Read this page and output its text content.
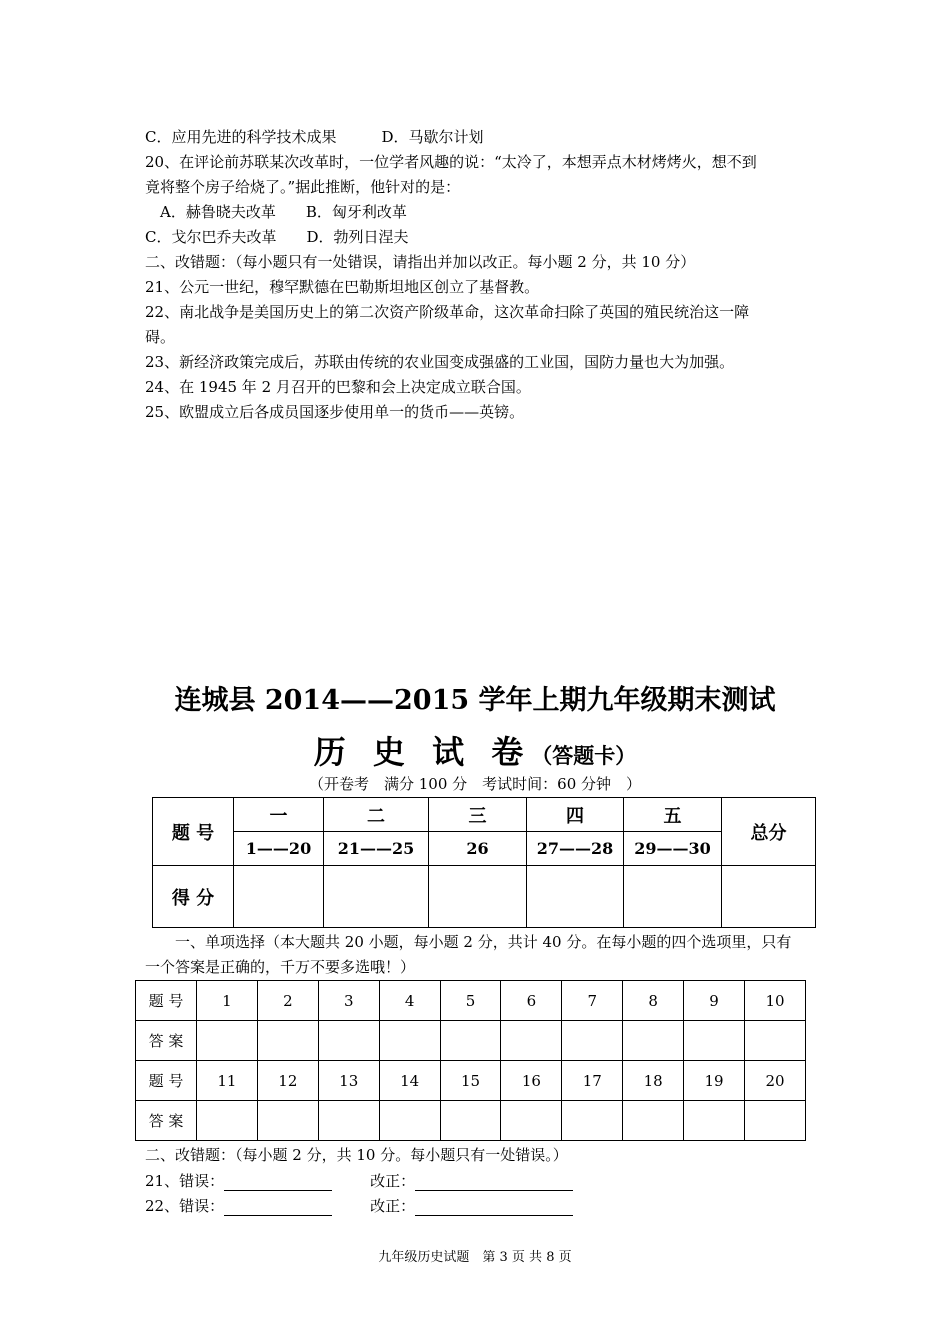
C．应用先进的科学技术成果　　　D．马歇尔计划
20、在评论前苏联某次改革时，一位学者风趣的说：“太冷了，本想弄点木材烤烤火，想不到
竟将整个房子给烧了。”据此推断，他针对的是：
　A．赫鲁晓夫改革　　B．匈牙利改革
C．戈尔巴乔夫改革　　D．勃列日涅夫
二、改错题：（每小题只有一处错误，请指出并加以改正。每小题 2 分，共 10 分）
21、公元一世纪，穆罕默德在巴勒斯坦地区创立了基督教。
22、南北战争是美国历史上的第二次资产阶级革命，这次革命扫除了英国的殖民统治这一障
碍。
23、新经济政策完成后，苏联由传统的农业国变成强盛的工业国，国防力量也大为加强。
24、在 1945 年 2 月召开的巴黎和会上决定成立联合国。
25、欧盟成立后各成员国逐步使用单一的货币——英镑。
连城县 2014——2015 学年上期九年级期末测试
历 史 试 卷（答题卡）
（开卷考　满分 100 分　考试时间：60 分钟　）
题 号	一	二	三	四	五	总分
	1——20	21——25	26	27——28	29——30	
得 分						
　　一、单项选择（本大题共 20 小题，每小题 2 分，共计 40 分。在每小题的四个选项里，只有
一个答案是正确的，千万不要多选哦！）
题 号	1	2	3	4	5	6	7	8	9	10
答 案										
题 号	11	12	13	14	15	16	17	18	19	20
答 案										
二、改错题：（每小题 2 分，共 10 分。每小题只有一处错误。）
21、错误：	改正：
22、错误：	改正：
九年级历史试题　第 3 页 共 8 页
